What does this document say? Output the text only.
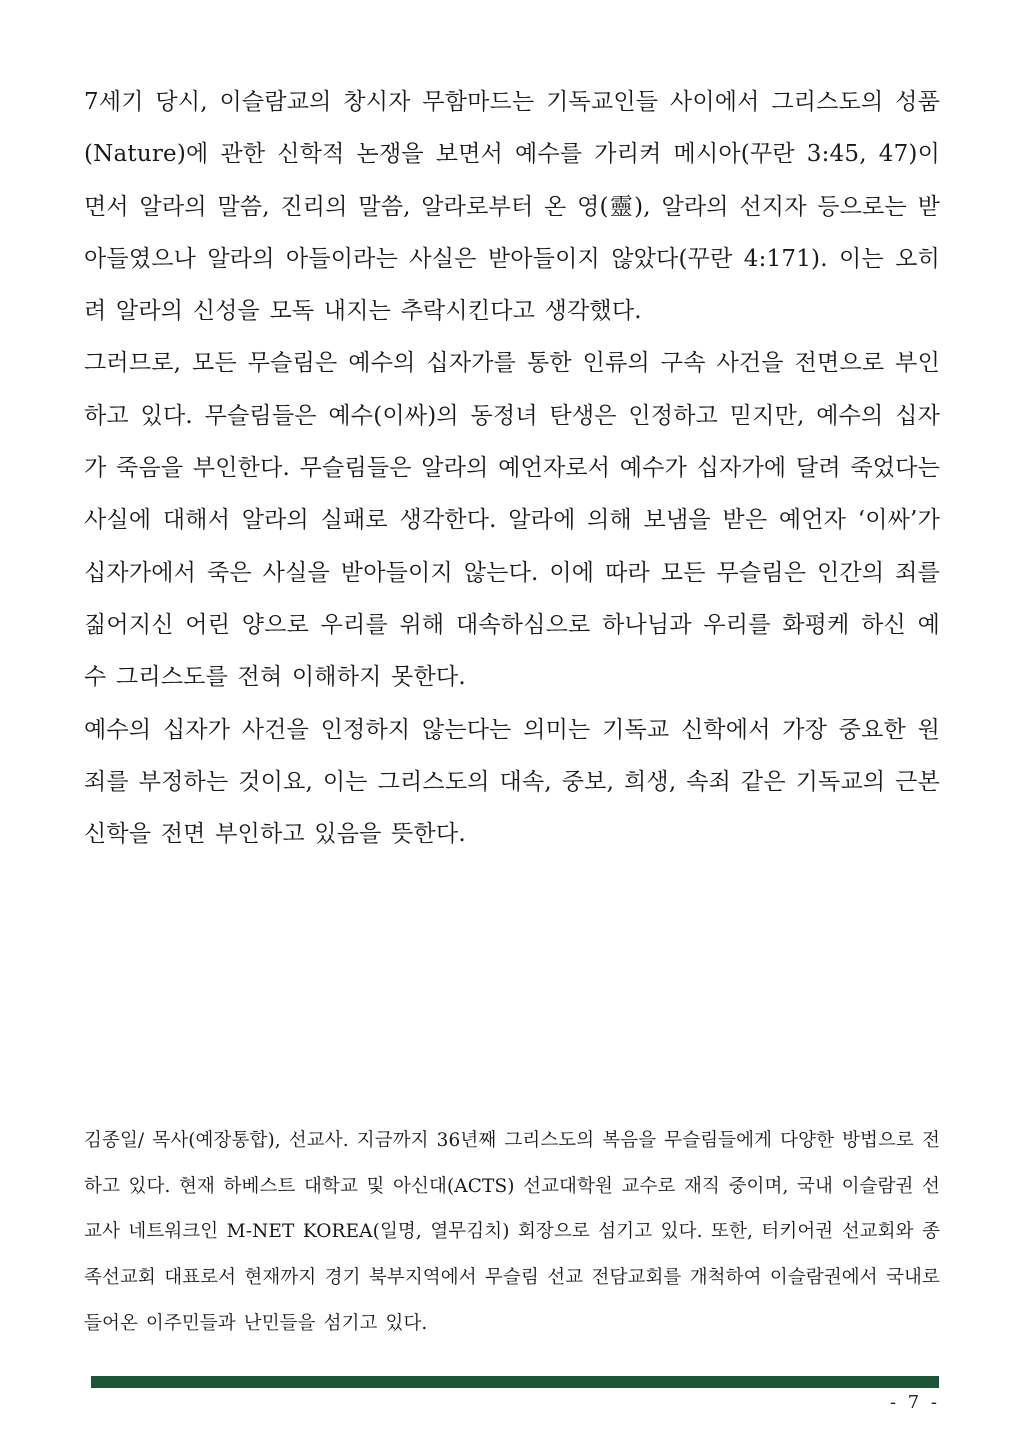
7세기 당시, 이슬람교의 창시자 무함마드는 기독교인들 사이에서 그리스도의 성품(Nature)에 관한 신학적 논쟁을 보면서 예수를 가리켜 메시아(꾸란 3:45, 47)이면서 알라의 말씀, 진리의 말씀, 알라로부터 온 영(靈), 알라의 선지자 등으로는 받아들였으나 알라의 아들이라는 사실은 받아들이지 않았다(꾸란 4:171). 이는 오히려 알라의 신성을 모독 내지는 추락시킨다고 생각했다.

그러므로, 모든 무슬림은 예수의 십자가를 통한 인류의 구속 사건을 전면으로 부인하고 있다. 무슬림들은 예수(이싸)의 동정녀 탄생은 인정하고 믿지만, 예수의 십자가 죽음을 부인한다. 무슬림들은 알라의 예언자로서 예수가 십자가에 달려 죽었다는 사실에 대해서 알라의 실패로 생각한다. 알라에 의해 보냄을 받은 예언자 ‘이싸’가 십자가에서 죽은 사실을 받아들이지 않는다. 이에 따라 모든 무슬림은 인간의 죄를 짊어지신 어린 양으로 우리를 위해 대속하심으로 하나님과 우리를 화평케 하신 예수 그리스도를 전혀 이해하지 못한다.

예수의 십자가 사건을 인정하지 않는다는 의미는 기독교 신학에서 가장 중요한 원죄를 부정하는 것이요, 이는 그리스도의 대속, 중보, 희생, 속죄 같은 기독교의 근본 신학을 전면 부인하고 있음을 뜻한다.

김종일/ 목사(예장통합), 선교사. 지금까지 36년째 그리스도의 복음을 무슬림들에게 다양한 방법으로 전하고 있다. 현재 하베스트 대학교 및 아신대(ACTS) 선교대학원 교수로 재직 중이며, 국내 이슬람권 선교사 네트워크인 M-NET KOREA(일명, 열무김치) 회장으로 섬기고 있다. 또한, 터키어권 선교회와 종족선교회 대표로서 현재까지 경기 북부지역에서 무슬림 선교 전담교회를 개척하여 이슬람권에서 국내로 들어온 이주민들과 난민들을 섬기고 있다.

- 7 -
